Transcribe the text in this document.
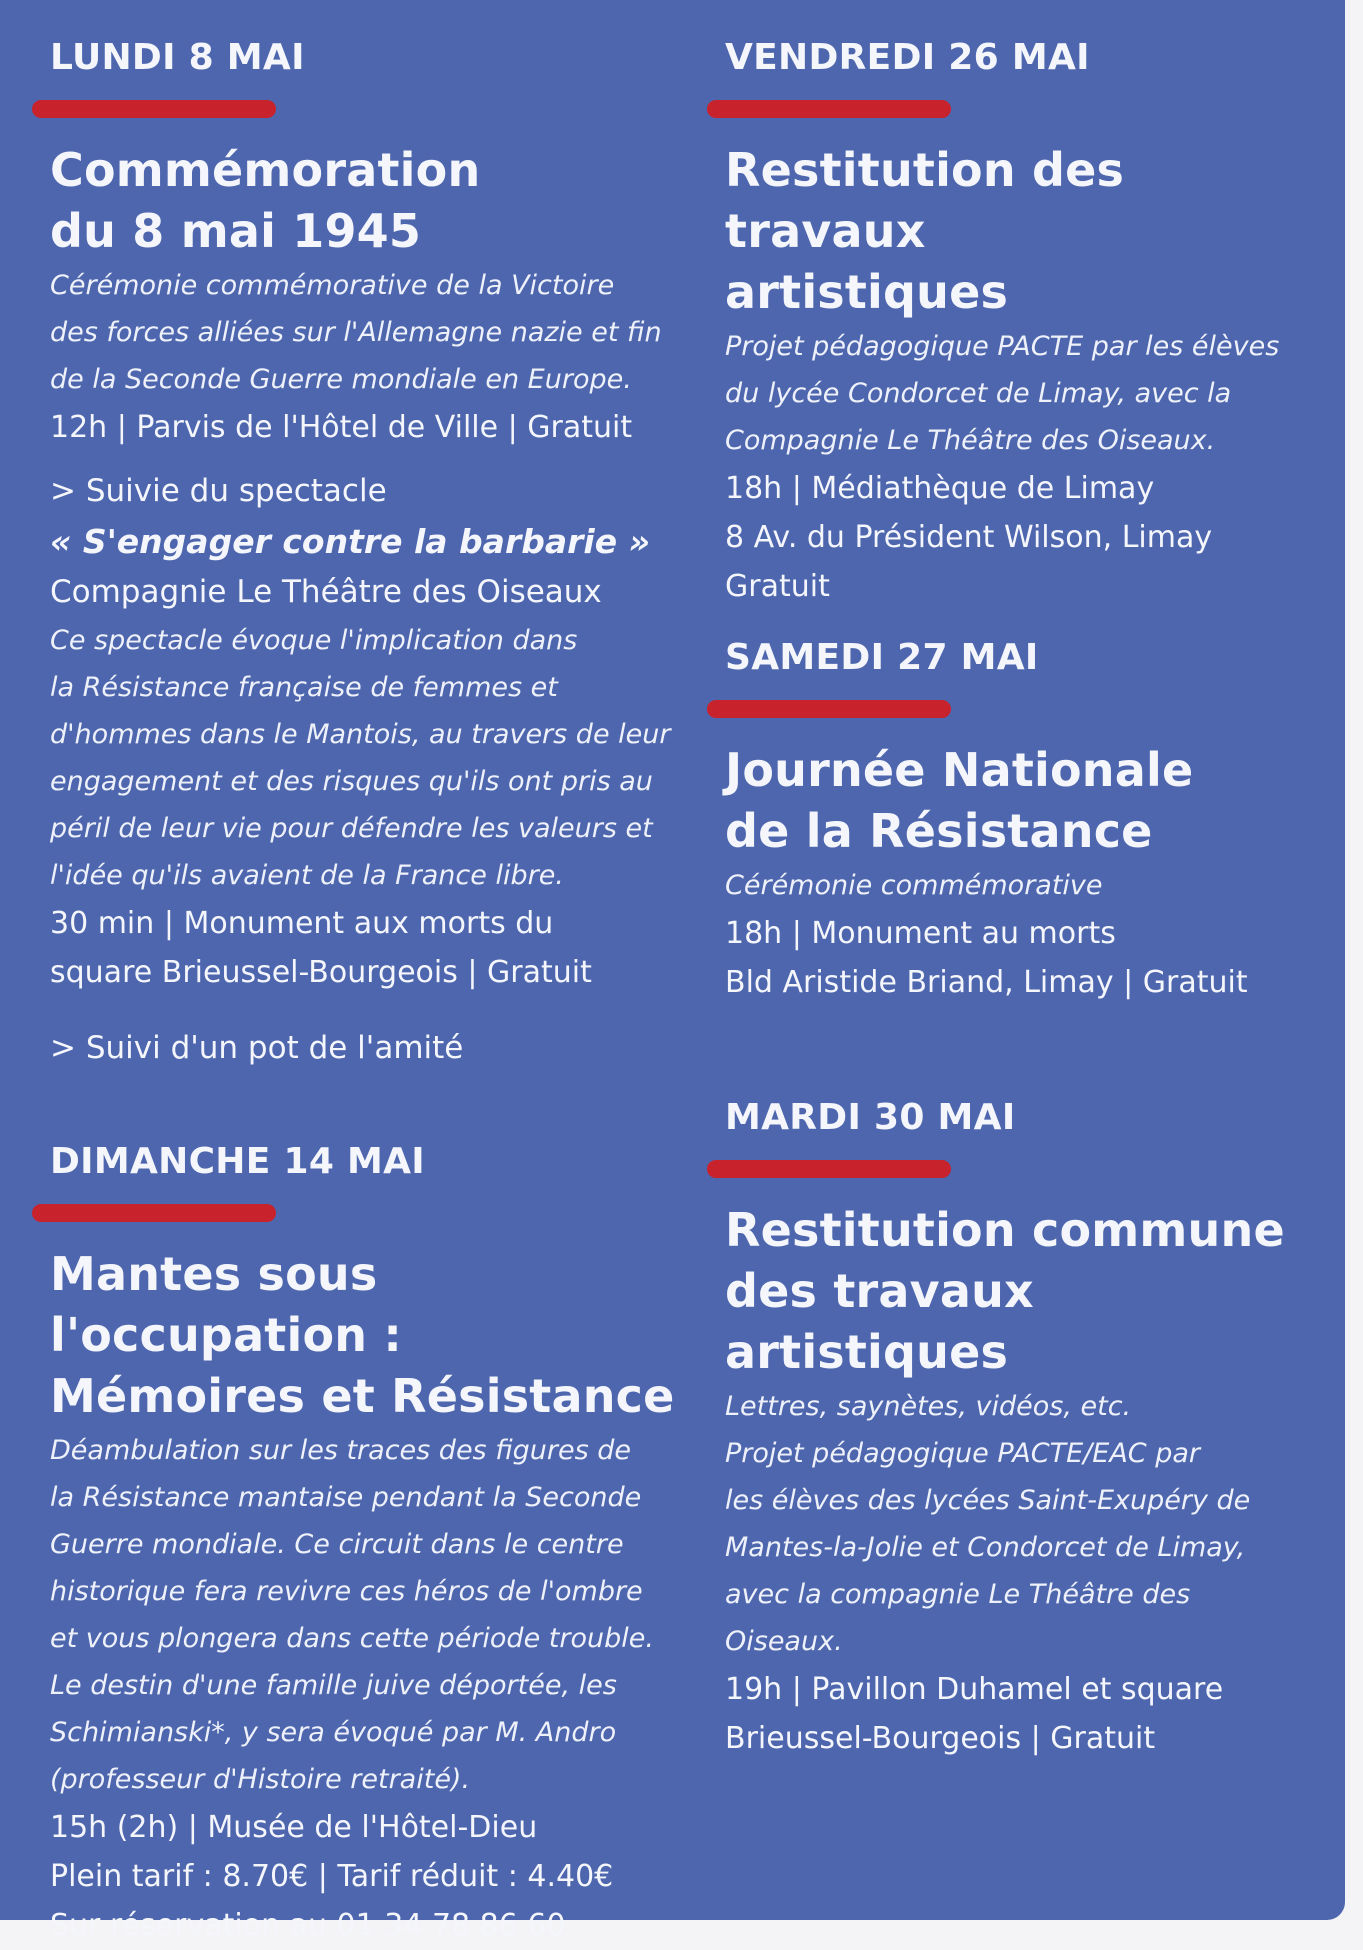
LUNDI 8 MAI
Commémoration
du 8 mai 1945
Cérémonie commémorative de la Victoire
des forces alliées sur l'Allemagne nazie et fin
de la Seconde Guerre mondiale en Europe.

12h | Parvis de l'Hôtel de Ville | Gratuit

> Suivie du spectacle

« S'engager contre la barbarie »

Compagnie Le Théâtre des Oiseaux

Ce spectacle évoque l'implication dans
la Résistance française de femmes et
d'hommes dans le Mantois, au travers de leur
engagement et des risques qu'ils ont pris au
péril de leur vie pour défendre les valeurs et
l'idée qu'ils avaient de la France libre.
30 min | Monument aux morts du
square Brieussel-Bourgeois | Gratuit

> Suivi d'un pot de l'amité

DIMANCHE 14 MAI
Mantes sous l'occupation :
Mémoires et Résistance
Déambulation sur les traces des figures de
la Résistance mantaise pendant la Seconde
Guerre mondiale. Ce circuit dans le centre
historique fera revivre ces héros de l'ombre
et vous plongera dans cette période trouble.
Le destin d'une famille juive déportée, les
Schimianski*, y sera évoqué par M. Andro
(professeur d'Histoire retraité).
15h (2h) | Musée de l'Hôtel-Dieu
Plein tarif : 8.70€ | Tarif réduit : 4.40€
Sur réservation au 01 34 78 86 60
VENDREDI 26 MAI
Restitution des travaux
artistiques
Projet pédagogique PACTE par les élèves
du lycée Condorcet de Limay, avec la
Compagnie Le Théâtre des Oiseaux.
18h | Médiathèque de Limay
8 Av. du Président Wilson, Limay
Gratuit
SAMEDI 27 MAI
Journée Nationale
de la Résistance
Cérémonie commémorative
18h | Monument au morts
Bld Aristide Briand, Limay | Gratuit
MARDI 30 MAI
Restitution commune
des travaux artistiques
Lettres, saynètes, vidéos, etc.
Projet pédagogique PACTE/EAC par
les élèves des lycées Saint-Exupéry de
Mantes-la-Jolie et Condorcet de Limay,
avec la compagnie Le Théâtre des
Oiseaux.
19h | Pavillon Duhamel et square
Brieussel-Bourgeois | Gratuit
